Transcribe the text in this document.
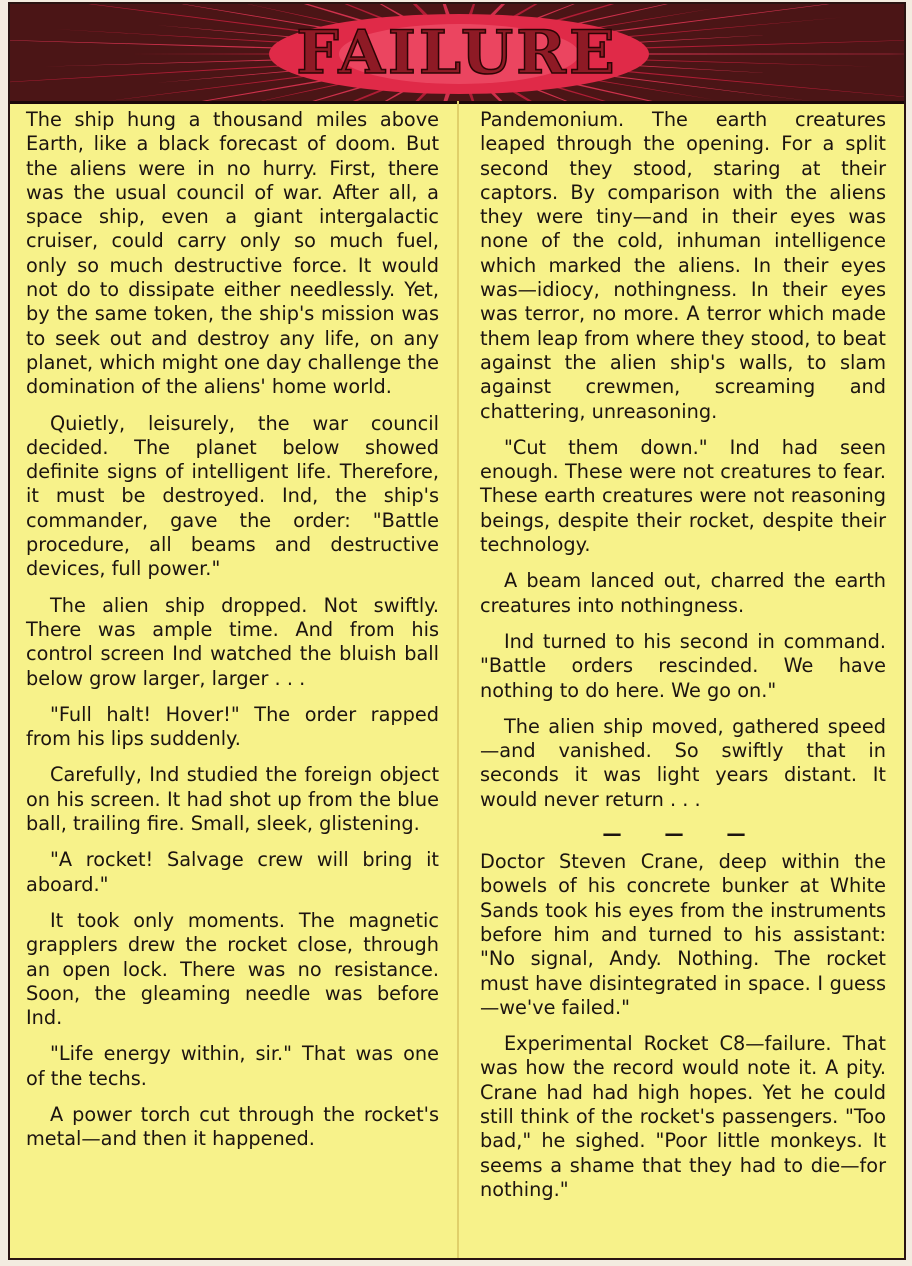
FAILURE

The ship hung a thousand miles above Earth, like a black forecast of doom. But the aliens were in no hurry. First, there was the usual council of war. After all, a space ship, even a giant intergalactic cruiser, could carry only so much fuel, only so much destructive force. It would not do to dissipate either needlessly. Yet, by the same token, the ship's mission was to seek out and destroy any life, on any planet, which might one day challenge the domination of the aliens' home world.

Quietly, leisurely, the war council decided. The planet below showed definite signs of intelligent life. Therefore, it must be destroyed. Ind, the ship's commander, gave the order: "Battle procedure, all beams and destructive devices, full power."

The alien ship dropped. Not swiftly. There was ample time. And from his control screen Ind watched the bluish ball below grow larger, larger . . .

"Full halt! Hover!" The order rapped from his lips suddenly.

Carefully, Ind studied the foreign object on his screen. It had shot up from the blue ball, trailing fire. Small, sleek, glistening.

"A rocket! Salvage crew will bring it aboard."

It took only moments. The magnetic grapplers drew the rocket close, through an open lock. There was no resistance. Soon, the gleaming needle was before Ind.

"Life energy within, sir." That was one of the techs.

A power torch cut through the rocket's metal—and then it happened.

Pandemonium. The earth creatures leaped through the opening. For a split second they stood, staring at their captors. By comparison with the aliens they were tiny—and in their eyes was none of the cold, inhuman intelligence which marked the aliens. In their eyes was—idiocy, nothingness. In their eyes was terror, no more. A terror which made them leap from where they stood, to beat against the alien ship's walls, to slam against crewmen, screaming and chattering, unreasoning.

"Cut them down." Ind had seen enough. These were not creatures to fear. These earth creatures were not reasoning beings, despite their rocket, despite their technology.

A beam lanced out, charred the earth creatures into nothingness.

Ind turned to his second in command. "Battle orders rescinded. We have nothing to do here. We go on."

The alien ship moved, gathered speed—and vanished. So swiftly that in seconds it was light years distant. It would never return . . .

— — —

Doctor Steven Crane, deep within the bowels of his concrete bunker at White Sands took his eyes from the instruments before him and turned to his assistant: "No signal, Andy. Nothing. The rocket must have disintegrated in space. I guess—we've failed."

Experimental Rocket C8—failure. That was how the record would note it. A pity. Crane had had high hopes. Yet he could still think of the rocket's passengers. "Too bad," he sighed. "Poor little monkeys. It seems a shame that they had to die—for nothing."
